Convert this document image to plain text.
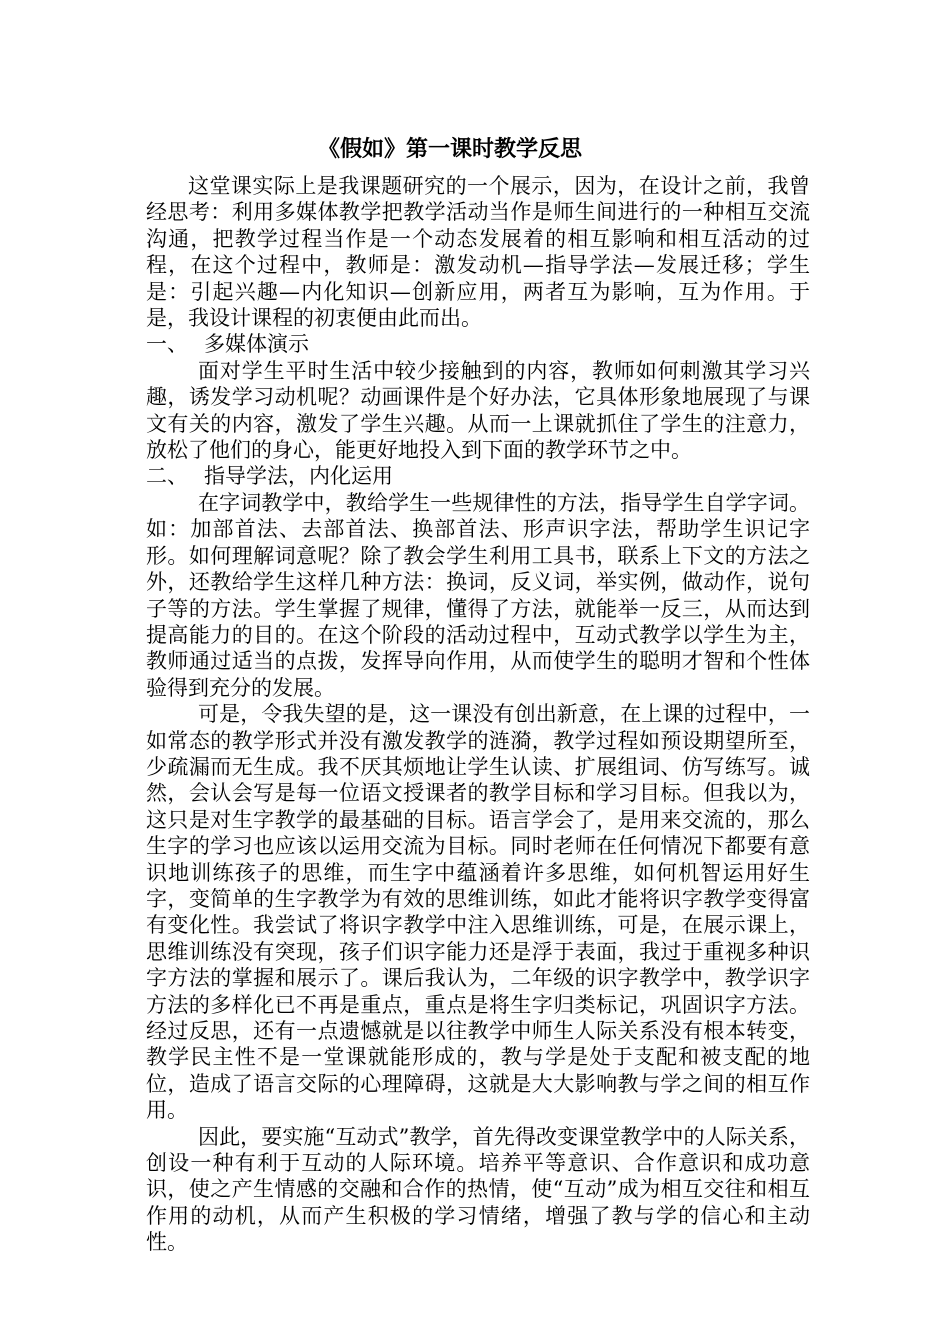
《假如》第一课时教学反思

这堂课实际上是我课题研究的一个展示，因为，在设计之前，我曾经思考：利用多媒体教学把教学活动当作是师生间进行的一种相互交流沟通，把教学过程当作是一个动态发展着的相互影响和相互活动的过程，在这个过程中，教师是：激发动机—指导学法—发展迁移；学生是：引起兴趣—内化知识—创新应用，两者互为影响，互为作用。于是，我设计课程的初衷便由此而出。

一、 多媒体演示

面对学生平时生活中较少接触到的内容，教师如何刺激其学习兴趣，诱发学习动机呢？动画课件是个好办法，它具体形象地展现了与课文有关的内容，激发了学生兴趣。从而一上课就抓住了学生的注意力，放松了他们的身心，能更好地投入到下面的教学环节之中。

二、 指导学法，内化运用

在字词教学中，教给学生一些规律性的方法，指导学生自学字词。如：加部首法、去部首法、换部首法、形声识字法，帮助学生识记字形。如何理解词意呢？除了教会学生利用工具书，联系上下文的方法之外，还教给学生这样几种方法：换词，反义词，举实例，做动作，说句子等的方法。学生掌握了规律，懂得了方法，就能举一反三，从而达到提高能力的目的。在这个阶段的活动过程中，互动式教学以学生为主，教师通过适当的点拨，发挥导向作用，从而使学生的聪明才智和个性体验得到充分的发展。

可是，令我失望的是，这一课没有创出新意，在上课的过程中，一如常态的教学形式并没有激发教学的涟漪，教学过程如预设期望所至，少疏漏而无生成。我不厌其烦地让学生认读、扩展组词、仿写练写。诚然，会认会写是每一位语文授课者的教学目标和学习目标。但我以为，这只是对生字教学的最基础的目标。语言学会了，是用来交流的，那么生字的学习也应该以运用交流为目标。同时老师在任何情况下都要有意识地训练孩子的思维，而生字中蕴涵着许多思维，如何机智运用好生字，变简单的生字教学为有效的思维训练，如此才能将识字教学变得富有变化性。我尝试了将识字教学中注入思维训练，可是，在展示课上，思维训练没有突现，孩子们识字能力还是浮于表面，我过于重视多种识字方法的掌握和展示了。课后我认为，二年级的识字教学中，教学识字方法的多样化已不再是重点，重点是将生字归类标记，巩固识字方法。经过反思，还有一点遗憾就是以往教学中师生人际关系没有根本转变，教学民主性不是一堂课就能形成的，教与学是处于支配和被支配的地位，造成了语言交际的心理障碍，这就是大大影响教与学之间的相互作用。

因此，要实施“互动式”教学，首先得改变课堂教学中的人际关系，创设一种有利于互动的人际环境。培养平等意识、合作意识和成功意识，使之产生情感的交融和合作的热情，使“互动”成为相互交往和相互作用的动机，从而产生积极的学习情绪，增强了教与学的信心和主动性。
